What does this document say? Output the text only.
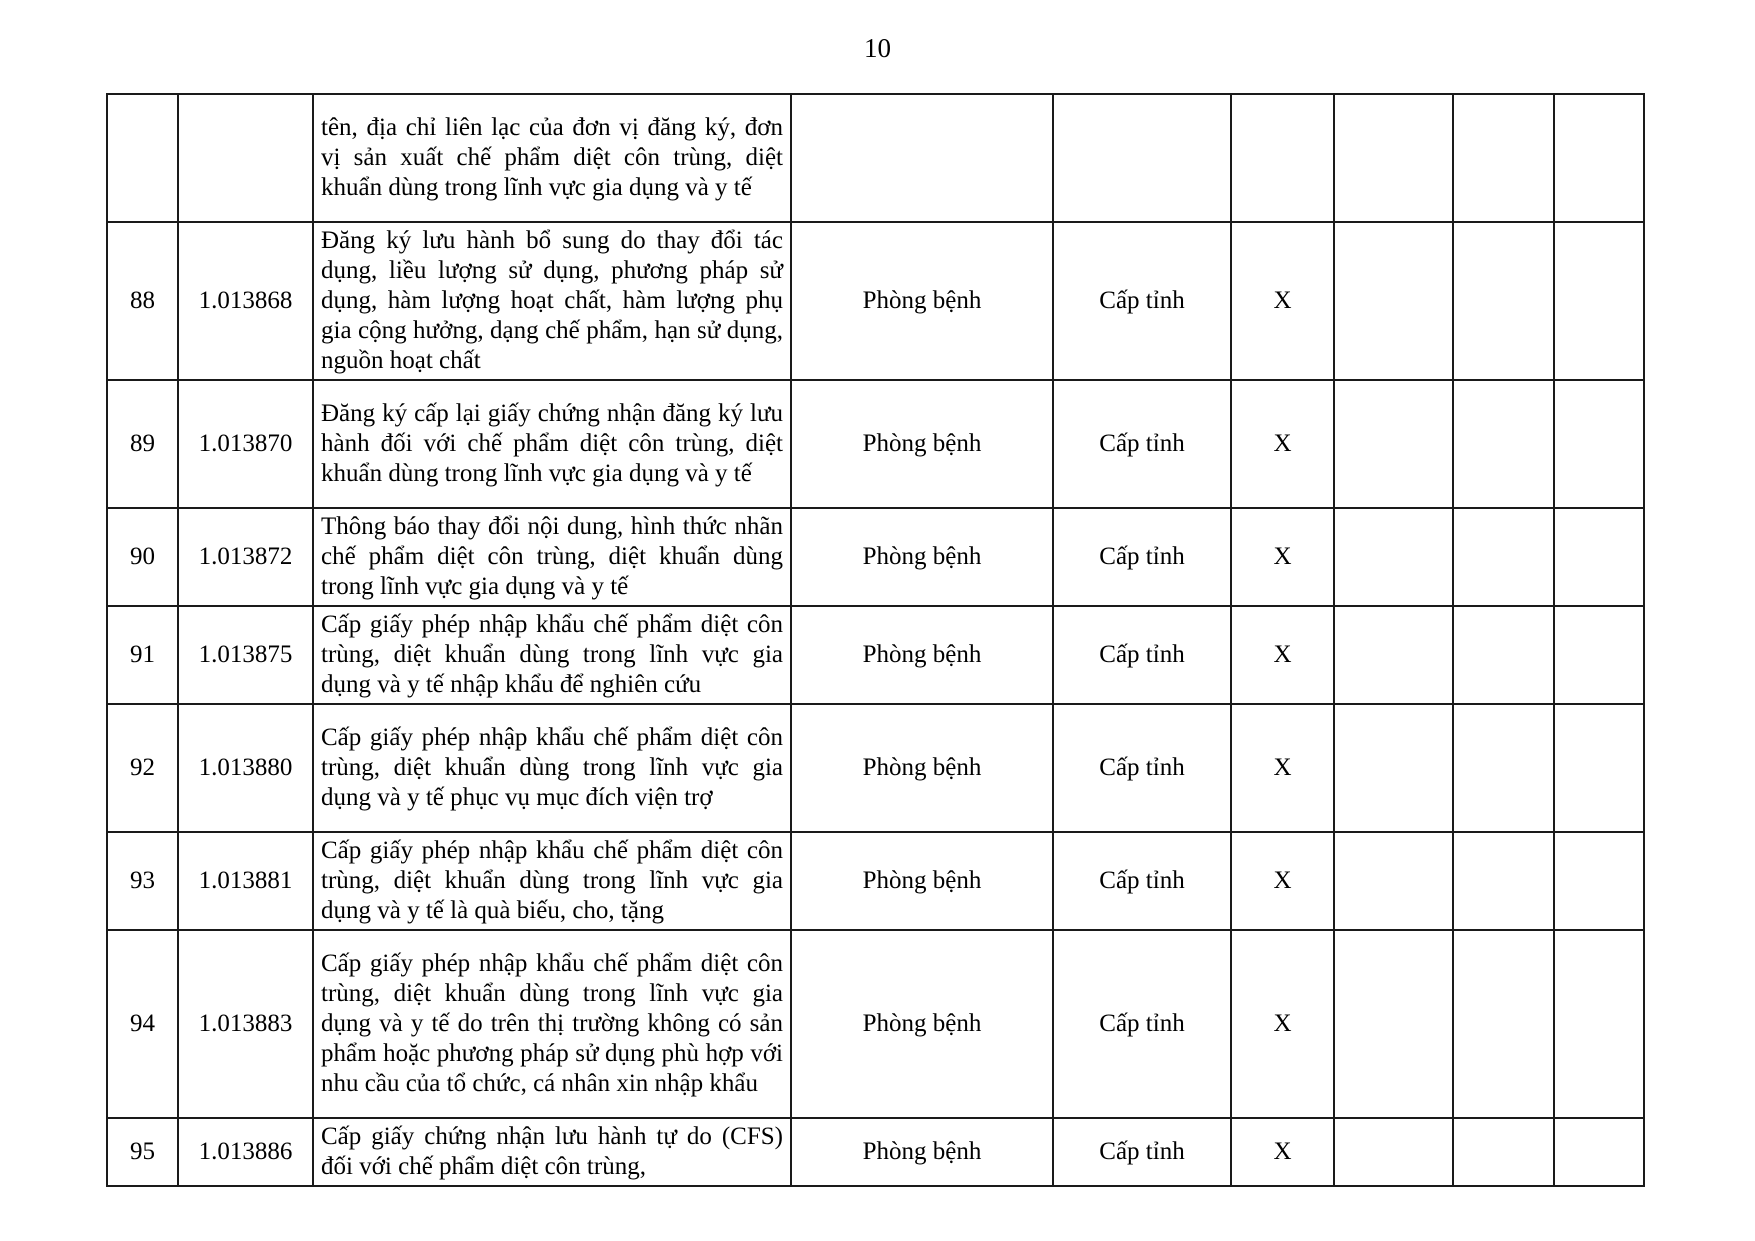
10
		tên, địa chỉ liên lạc của đơn vị đăng ký, đơn vị sản xuất chế phẩm diệt côn trùng, diệt khuẩn dùng trong lĩnh vực gia dụng và y tế						
88	1.013868	Đăng ký lưu hành bổ sung do thay đổi tác dụng, liều lượng sử dụng, phương pháp sử dụng, hàm lượng hoạt chất, hàm lượng phụ gia cộng hưởng, dạng chế phẩm, hạn sử dụng, nguồn hoạt chất	Phòng bệnh	Cấp tỉnh	X			
89	1.013870	Đăng ký cấp lại giấy chứng nhận đăng ký lưu hành đối với chế phẩm diệt côn trùng, diệt khuẩn dùng trong lĩnh vực gia dụng và y tế	Phòng bệnh	Cấp tỉnh	X			
90	1.013872	Thông báo thay đổi nội dung, hình thức nhãn chế phẩm diệt côn trùng, diệt khuẩn dùng trong lĩnh vực gia dụng và y tế	Phòng bệnh	Cấp tỉnh	X			
91	1.013875	Cấp giấy phép nhập khẩu chế phẩm diệt côn trùng, diệt khuẩn dùng trong lĩnh vực gia dụng và y tế nhập khẩu để nghiên cứu	Phòng bệnh	Cấp tỉnh	X			
92	1.013880	Cấp giấy phép nhập khẩu chế phẩm diệt côn trùng, diệt khuẩn dùng trong lĩnh vực gia dụng và y tế phục vụ mục đích viện trợ	Phòng bệnh	Cấp tỉnh	X			
93	1.013881	Cấp giấy phép nhập khẩu chế phẩm diệt côn trùng, diệt khuẩn dùng trong lĩnh vực gia dụng và y tế là quà biếu, cho, tặng	Phòng bệnh	Cấp tỉnh	X			
94	1.013883	Cấp giấy phép nhập khẩu chế phẩm diệt côn trùng, diệt khuẩn dùng trong lĩnh vực gia dụng và y tế do trên thị trường không có sản phẩm hoặc phương pháp sử dụng phù hợp với nhu cầu của tổ chức, cá nhân xin nhập khẩu	Phòng bệnh	Cấp tỉnh	X			
95	1.013886	Cấp giấy chứng nhận lưu hành tự do (CFS) đối với chế phẩm diệt côn trùng,	Phòng bệnh	Cấp tỉnh	X			
